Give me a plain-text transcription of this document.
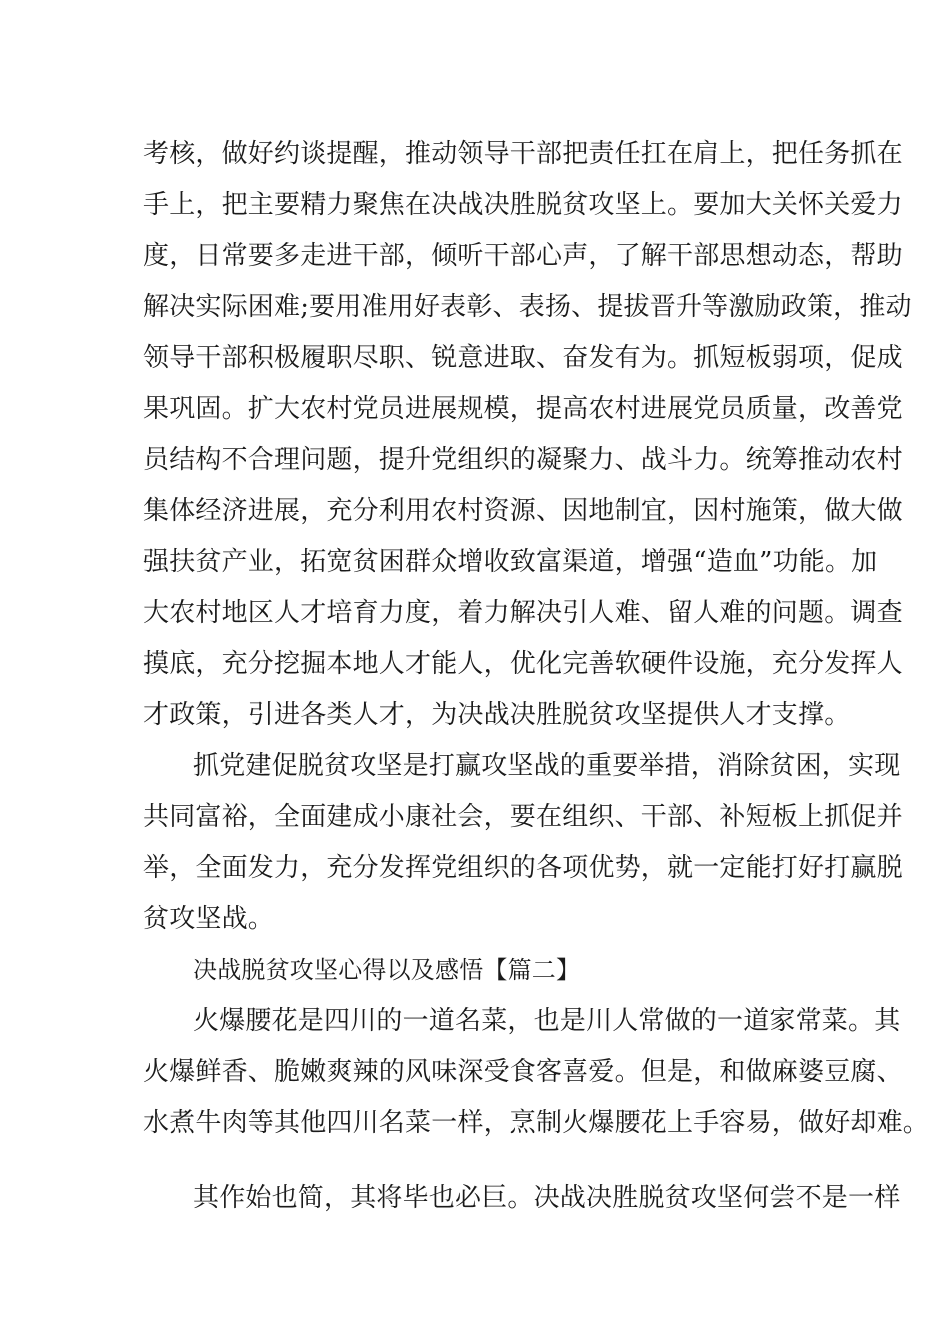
考核，做好约谈提醒，推动领导干部把责任扛在肩上，把任务抓在

手上，把主要精力聚焦在决战决胜脱贫攻坚上。要加大关怀关爱力

度，日常要多走进干部，倾听干部心声，了解干部思想动态，帮助

解决实际困难;要用准用好表彰、表扬、提拔晋升等激励政策，推动

领导干部积极履职尽职、锐意进取、奋发有为。抓短板弱项，促成

果巩固。扩大农村党员进展规模，提高农村进展党员质量，改善党

员结构不合理问题，提升党组织的凝聚力、战斗力。统筹推动农村

集体经济进展，充分利用农村资源、因地制宜，因村施策，做大做

强扶贫产业，拓宽贫困群众增收致富渠道，增强“造血”功能。加

大农村地区人才培育力度，着力解决引人难、留人难的问题。调查

摸底，充分挖掘本地人才能人，优化完善软硬件设施，充分发挥人

才政策，引进各类人才，为决战决胜脱贫攻坚提供人才支撑。

抓党建促脱贫攻坚是打赢攻坚战的重要举措，消除贫困，实现

共同富裕，全面建成小康社会，要在组织、干部、补短板上抓促并

举，全面发力，充分发挥党组织的各项优势，就一定能打好打赢脱

贫攻坚战。

决战脱贫攻坚心得以及感悟【篇二】

火爆腰花是四川的一道名菜，也是川人常做的一道家常菜。其

火爆鲜香、脆嫩爽辣的风味深受食客喜爱。但是，和做麻婆豆腐、

水煮牛肉等其他四川名菜一样，烹制火爆腰花上手容易，做好却难。

其作始也简，其将毕也必巨。决战决胜脱贫攻坚何尝不是一样
